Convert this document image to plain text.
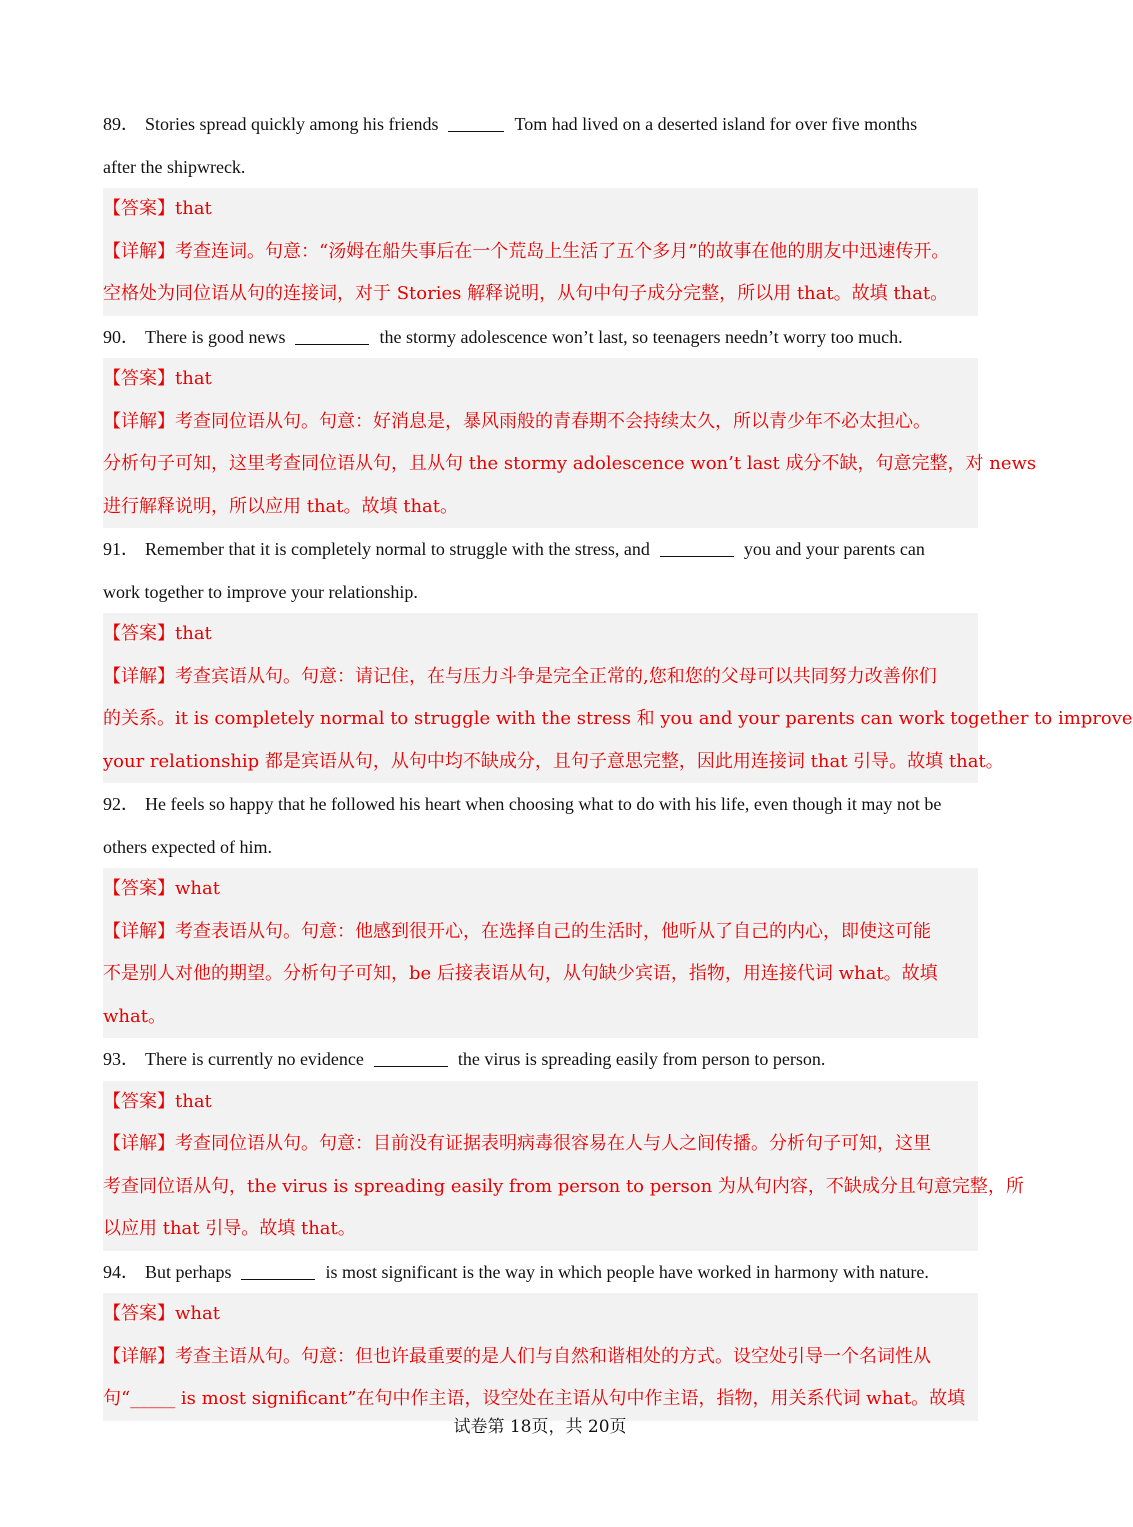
89． Stories spread quickly among his friends	Tom had lived on a deserted island for over five months
after the shipwreck.
【答案】that
【详解】考查连词。句意：“汤姆在船失事后在一个荒岛上生活了五个多月”的故事在他的朋友中迅速传开。
空格处为同位语从句的连接词，对于 Stories 解释说明，从句中句子成分完整，所以用 that。故填 that。
90． There is good news	the stormy adolescence won’t last, so teenagers needn’t worry too much.
【答案】that
【详解】考查同位语从句。句意：好消息是，暴风雨般的青春期不会持续太久，所以青少年不必太担心。
分析句子可知，这里考查同位语从句，且从句 the stormy adolescence won’t last 成分不缺，句意完整，对 news
进行解释说明，所以应用 that。故填 that。
91． Remember that it is completely normal to struggle with the stress, and	you and your parents can
work together to improve your relationship.
【答案】that
【详解】考查宾语从句。句意：请记住，在与压力斗争是完全正常的,您和您的父母可以共同努力改善你们
的关系。it is completely normal to struggle with the stress 和 you and your parents can work together to improve
your relationship 都是宾语从句，从句中均不缺成分，且句子意思完整，因此用连接词 that 引导。故填 that。
92． He feels so happy that he followed his heart when choosing what to do with his life, even though it may not be
others expected of him.
【答案】what
【详解】考查表语从句。句意：他感到很开心，在选择自己的生活时，他听从了自己的内心，即使这可能
不是别人对他的期望。分析句子可知，be 后接表语从句，从句缺少宾语，指物，用连接代词 what。故填
what。
93． There is currently no evidence	the virus is spreading easily from person to person.
【答案】that
【详解】考查同位语从句。句意：目前没有证据表明病毒很容易在人与人之间传播。分析句子可知，这里
考查同位语从句，the virus is spreading easily from person to person 为从句内容，不缺成分且句意完整，所
以应用 that 引导。故填 that。
94． But perhaps	is most significant is the way in which people have worked in harmony with nature.
【答案】what
【详解】考查主语从句。句意：但也许最重要的是人们与自然和谐相处的方式。设空处引导一个名词性从
句“_____ is most significant”在句中作主语，设空处在主语从句中作主语，指物，用关系代词 what。故填
试卷第 18页，共 20页
